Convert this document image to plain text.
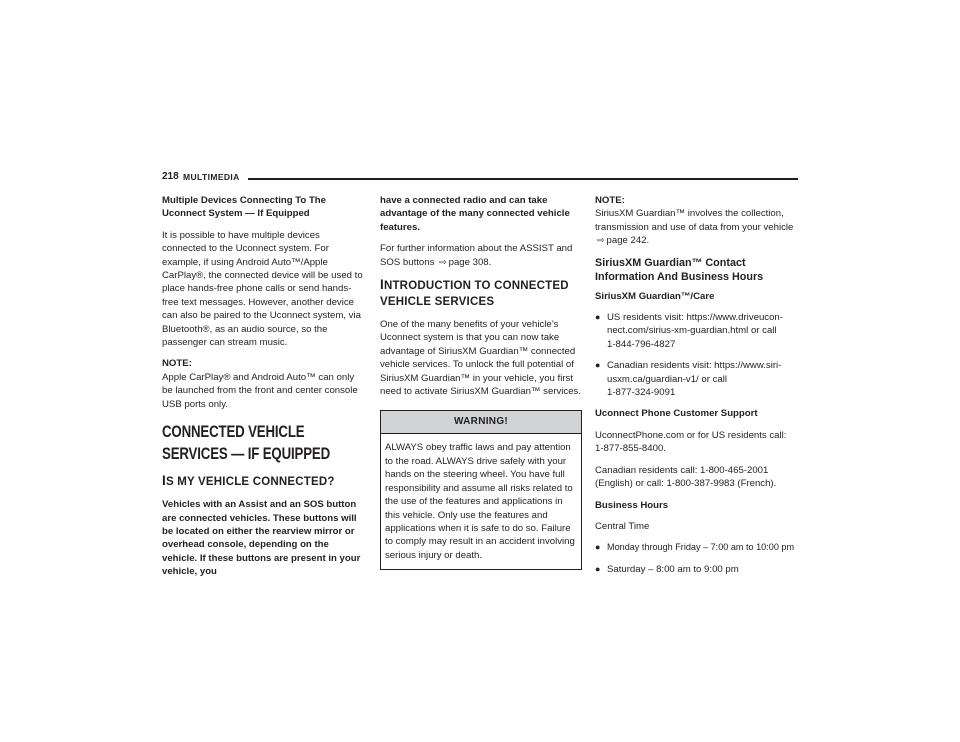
218 MULTIMEDIA

Multiple Devices Connecting To The Uconnect System — If Equipped

It is possible to have multiple devices connected to the Uconnect system. For example, if using Android Auto™/Apple CarPlay®, the connected device will be used to place hands-free phone calls or send hands-free text messages. However, another device can also be paired to the Uconnect system, via Bluetooth®, as an audio source, so the passenger can stream music.

NOTE:

Apple CarPlay® and Android Auto™ can only be launched from the front and center console USB ports only.

CONNECTED VEHICLE SERVICES — IF EQUIPPED
IS MY VEHICLE CONNECTED?

Vehicles with an Assist and an SOS button are connected vehicles. These buttons will be located on either the rearview mirror or overhead console, depending on the vehicle. If these buttons are present in your vehicle, you

have a connected radio and can take advantage of the many connected vehicle features.

For further information about the ASSIST and SOS buttons ⇨ page 308.

INTRODUCTION TO CONNECTED VEHICLE SERVICES

One of the many benefits of your vehicle’s Uconnect system is that you can now take advantage of SiriusXM Guardian™ connected vehicle services. To unlock the full potential of SiriusXM Guardian™ in your vehicle, you first need to activate SiriusXM Guardian™ services.

WARNING!
ALWAYS obey traffic laws and pay attention to the road. ALWAYS drive safely with your hands on the steering wheel. You have full responsibility and assume all risks related to the use of the features and applications in this vehicle. Only use the features and applications when it is safe to do so. Failure to comply may result in an accident involving serious injury or death.

NOTE:

SiriusXM Guardian™ involves the collection, transmission and use of data from your vehicle
⇨ page 242.

SiriusXM Guardian™ Contact Information And Business Hours

SiriusXM Guardian™/Care

● US residents visit: https://www.driveucon-
nect.com/sirius-xm-guardian.html or call
1-844-796-4827
● Canadian residents visit: https://www.siri-
usxm.ca/guardian-v1/ or call
1-877-324-9091

Uconnect Phone Customer Support

UconnectPhone.com or for US residents call:
1-877-855-8400.

Canadian residents call: 1-800-465-2001 (English) or call: 1-800-387-9983 (French).

Business Hours

Central Time

● Monday through Friday – 7:00 am to 10:00 pm
● Saturday – 8:00 am to 9:00 pm
